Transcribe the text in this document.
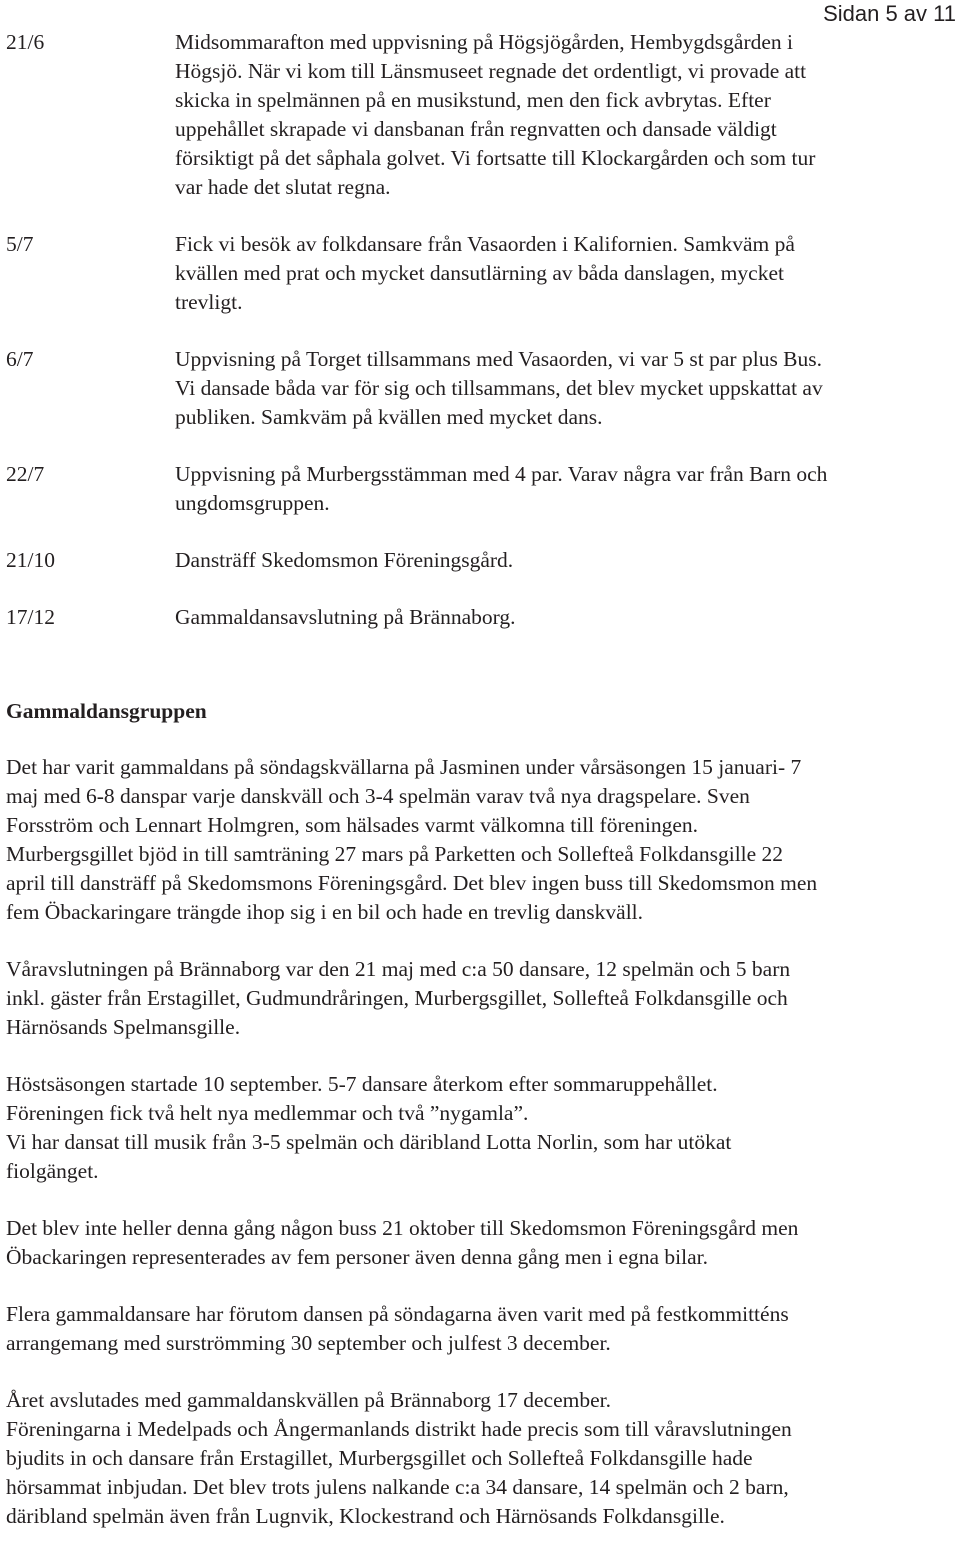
Sidan 5 av 11
21/6	Midsommarafton med uppvisning på Högsjögården, Hembygdsgården i
Högsjö. När vi kom till Länsmuseet regnade det ordentligt, vi provade att
skicka in spelmännen på en musikstund, men den fick avbrytas. Efter
uppehållet skrapade vi dansbanan från regnvatten och dansade väldigt
försiktigt på det såphala golvet. Vi fortsatte till Klockargården och som tur
var hade det slutat regna.
5/7	Fick vi besök av folkdansare från Vasaorden i Kalifornien. Samkväm på
kvällen med prat och mycket dansutlärning av båda danslagen, mycket
trevligt.
6/7	Uppvisning på Torget tillsammans med Vasaorden, vi var 5 st par plus Bus.
Vi dansade båda var för sig och tillsammans, det blev mycket uppskattat av
publiken. Samkväm på kvällen med mycket dans.
22/7	Uppvisning på Murbergsstämman med 4 par. Varav några var från Barn och
ungdomsgruppen.
21/10	Dansträff Skedomsmon Föreningsgård.
17/12	Gammaldansavslutning på Brännaborg.
Gammaldansgruppen

Det har varit gammaldans på söndagskvällarna på Jasminen under vårsäsongen 15 januari- 7
maj med 6-8 danspar varje danskväll och 3-4 spelmän varav två nya dragspelare. Sven
Forsström och Lennart Holmgren, som hälsades varmt välkomna till föreningen.
Murbergsgillet bjöd in till samträning 27 mars på Parketten och Sollefteå Folkdansgille 22
april till dansträff på Skedomsmons Föreningsgård. Det blev ingen buss till Skedomsmon men
fem Öbackaringare trängde ihop sig i en bil och hade en trevlig danskväll.

Våravslutningen på Brännaborg var den 21 maj med c:a 50 dansare, 12 spelmän och 5 barn
inkl. gäster från Erstagillet, Gudmundråringen, Murbergsgillet, Sollefteå Folkdansgille och
Härnösands Spelmansgille.

Höstsäsongen startade 10 september. 5-7 dansare återkom efter sommaruppehållet.
Föreningen fick två helt nya medlemmar och två ”nygamla”.
Vi har dansat till musik från 3-5 spelmän och däribland Lotta Norlin, som har utökat
fiolgänget.

Det blev inte heller denna gång någon buss 21 oktober till Skedomsmon Föreningsgård men
Öbackaringen representerades av fem personer även denna gång men i egna bilar.

Flera gammaldansare har förutom dansen på söndagarna även varit med på festkommitténs
arrangemang med surströmming 30 september och julfest 3 december.

Året avslutades med gammaldanskvällen på Brännaborg 17 december.
Föreningarna i Medelpads och Ångermanlands distrikt hade precis som till våravslutningen
bjudits in och dansare från Erstagillet, Murbergsgillet och Sollefteå Folkdansgille hade
hörsammat inbjudan. Det blev trots julens nalkande c:a 34 dansare, 14 spelmän och 2 barn,
däribland spelmän även från Lugnvik, Klockestrand och Härnösands Folkdansgille.
